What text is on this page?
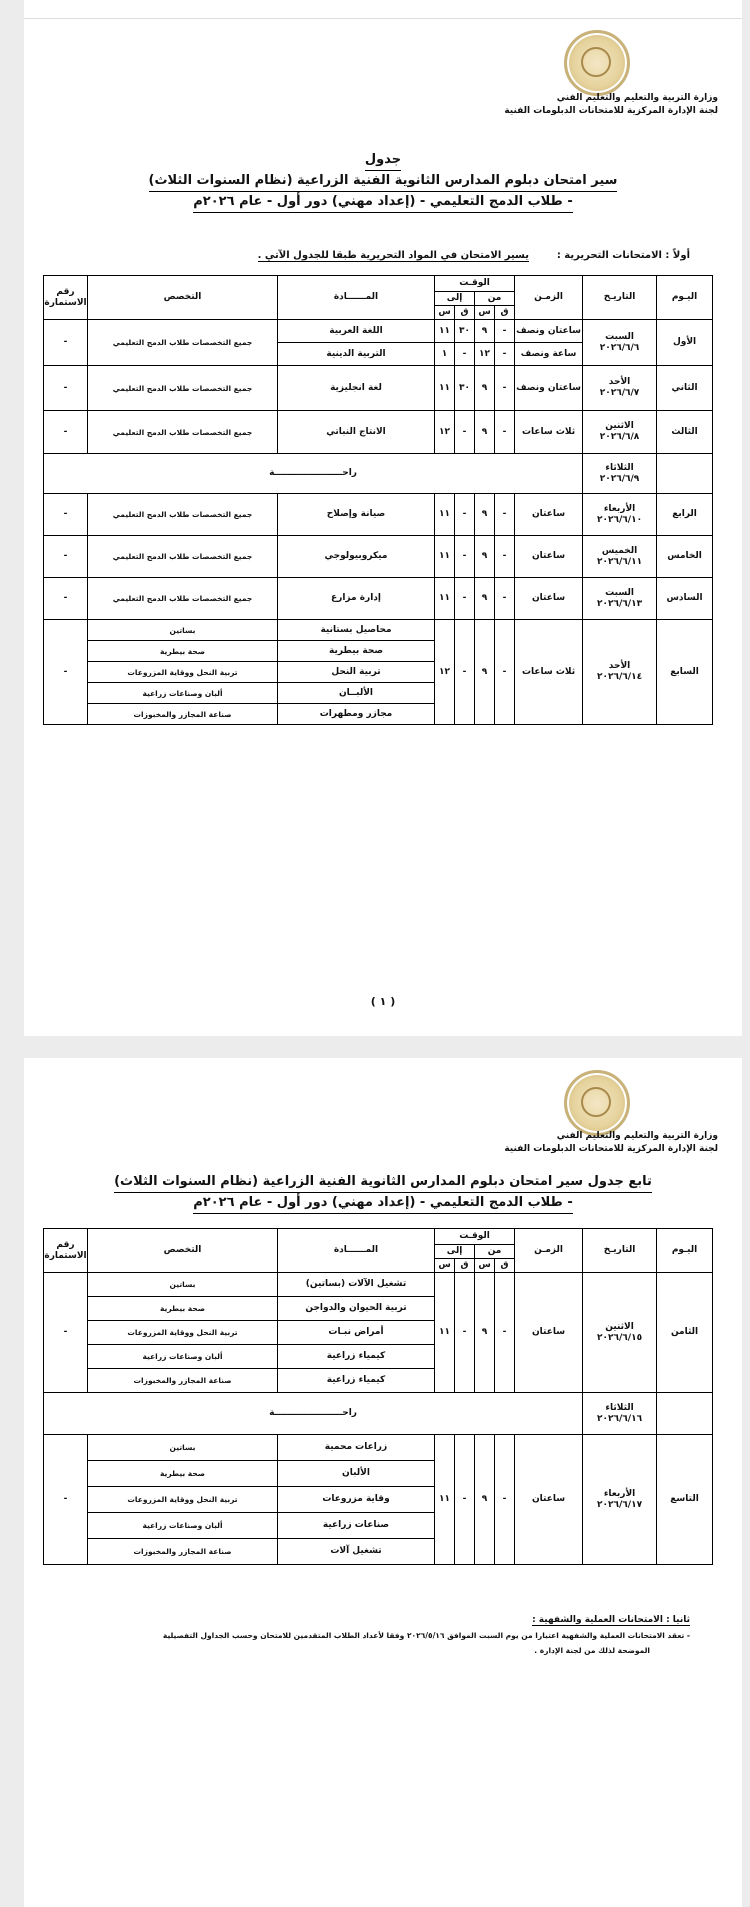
وزارة التربية والتعليم والتعليم الفني
لجنة الإدارة المركزية للامتحانات الدبلومات الفنية
جدول
سير امتحان دبلوم المدارس الثانوية الفنية الزراعية (نظام السنوات الثلاث)
- طلاب الدمج التعليمي - (إعداد مهني) دور أول - عام ٢٠٢٦م
أولاً : الامتحانات التحريرية :        يسير الامتحان في المواد التحريرية طبقا للجدول الآتي .
اليـوم	التاريـخ	الزمـن	الوقـت				المــــــادة	التخصص	رقم الاستمارة
			من		إلى				
			ق	س	ق	س			
الأول	السبت
٢٠٢٦/٦/٦	ساعتان ونصف	-	٩	٣٠	١١	اللغة العربية	جميع التخصصات طلاب الدمج التعليمي	-
		ساعة ونصف	-	١٢	-	١	التربية الدينية		
الثاني	الأحد
٢٠٢٦/٦/٧	ساعتان ونصف	-	٩	٣٠	١١	لغة انجليزية	جميع التخصصات طلاب الدمج التعليمي	-
الثالث	الاثنين
٢٠٢٦/٦/٨	ثلاث ساعات	-	٩	-	١٢	الانتاج النباتي	جميع التخصصات طلاب الدمج التعليمي	-

	الثلاثاء
٢٠٢٦/٦/٩	راحــــــــــــــــــــــة							
الرابع	الأربعاء
٢٠٢٦/٦/١٠	ساعتان	-	٩	-	١١	صيانة وإصلاح	جميع التخصصات طلاب الدمج التعليمي	-
الخامس	الخميس
٢٠٢٦/٦/١١	ساعتان	-	٩	-	١١	ميكروبيولوجي	جميع التخصصات طلاب الدمج التعليمي	-
السادس	السبت
٢٠٢٦/٦/١٣	ساعتان	-	٩	-	١١	إدارة مزارع	جميع التخصصات طلاب الدمج التعليمي	-
السابع	الأحد
٢٠٢٦/٦/١٤	ثلاث ساعات	-	٩	-	١٢	محاصيل بستانية	بساتين	-
							صحة بيطرية	صحة بيطرية	
							تربية النحل	تربية النحل ووقاية المزروعات	
							الألبــان	ألبان وصناعات زراعية	
							مجازر ومطهرات	صناعة المجازر والمخبوزات	
( ١ )
وزارة التربية والتعليم والتعليم الفني
لجنة الإدارة المركزية للامتحانات الدبلومات الفنية
تابع جدول سير امتحان دبلوم المدارس الثانوية الفنية الزراعية (نظام السنوات الثلاث)
- طلاب الدمج التعليمي - (إعداد مهني) دور أول - عام ٢٠٢٦م
اليـوم	التاريـخ	الزمـن	الوقـت				المــــــادة	التخصص	رقم الاستمارة
			من		إلى				
			ق	س	ق	س			
الثامن	الاثنين
٢٠٢٦/٦/١٥	ساعتان	-	٩	-	١١	تشغيل الآلات (بساتين)	بساتين	-
							تربية الحيوان والدواجن	صحة بيطرية	
							أمراض نبـات	تربية النحل ووقاية المزروعات	
							كيمياء زراعية	ألبان وصناعات زراعية	
							كيمياء زراعية	صناعة المجازر والمخبوزات	

	الثلاثاء
٢٠٢٦/٦/١٦	راحــــــــــــــــــــــة							
التاسع	الأربعاء
٢٠٢٦/٦/١٧	ساعتان	-	٩	-	١١	زراعات محمية	بساتين	-
							الألبان	صحة بيطرية	
							وقاية مزروعات	تربية النحل ووقاية المزروعات	
							صناعات زراعية	ألبان وصناعات زراعية	
							تشغيل آلات	صناعة المجازر والمخبوزات	
ثانيا : الامتحانات العملية والشفهية :
- تعقد الامتحانات العملية والشفهية اعتبارا من يوم السبت الموافق ٢٠٢٦/٥/١٦ وفقا لأعداد الطلاب المتقدمين للامتحان وحسب الجداول التفصيلية
الموضحة لذلك من لجنة الإدارة .
